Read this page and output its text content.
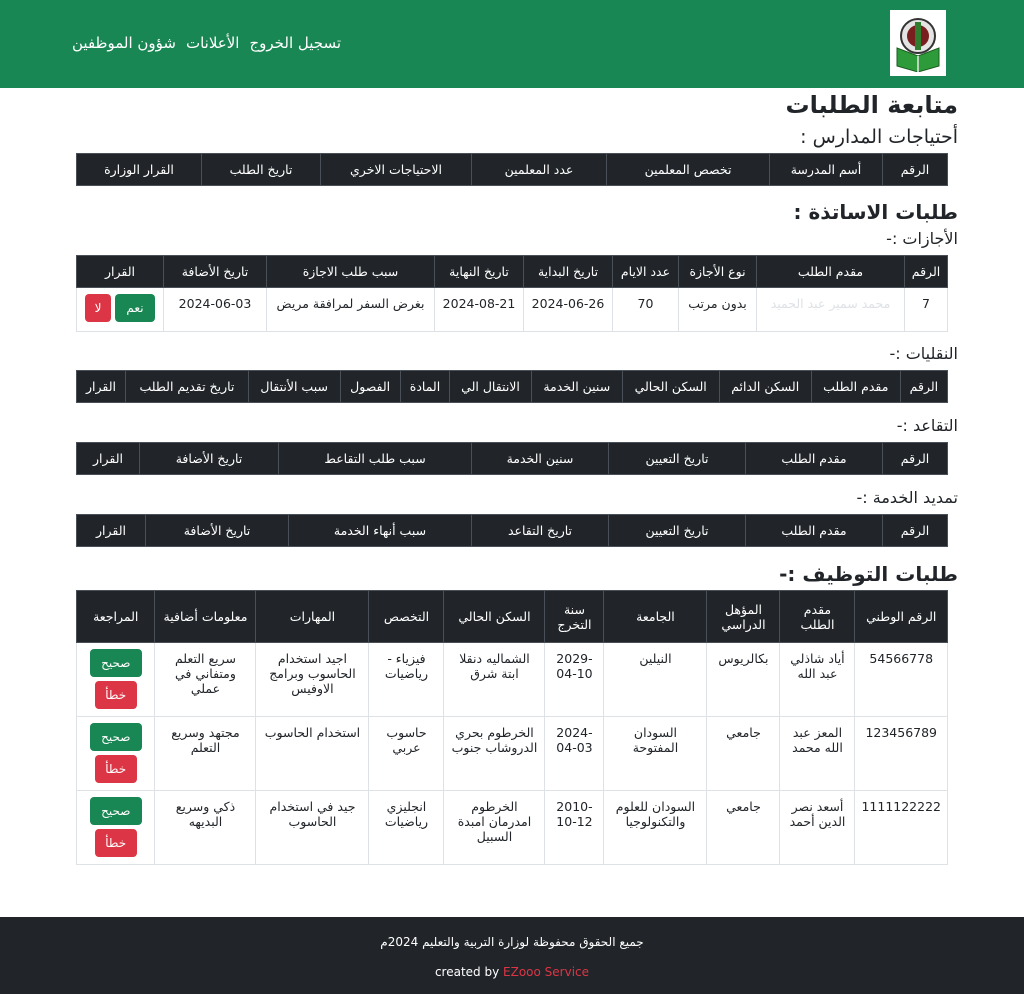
شؤون الموظفين الأعلانات تسجيل الخروج
متابعة الطلبات
أحتياجات المدارس :
الرقم	أسم المدرسة	تخصص المعلمين	عدد المعلمين	الاحتياجات الاخري	تاريخ الطلب	القرار الوزارة
طلبات الاساتذة :
الأجازات :-
الرقم	مقدم الطلب	نوع الأجازة	عدد الايام	تاريخ البداية	تاريخ النهاية	سبب طلب الاجازة	تاريخ الأضافة	القرار
7	محمد سمير عبد الحميد	بدون مرتب	70	2024-06-26	2024-08-21	بغرض السفر لمرافقة مريض	2024-06-03	نعم لا
النقليات :-
الرقم	مقدم الطلب	السكن الدائم	السكن الحالي	سنين الخدمة	الانتقال الي	المادة	الفصول	سبب الأنتقال	تاريخ تقديم الطلب	القرار
التقاعد :-
الرقم	مقدم الطلب	تاريخ التعيين	سنين الخدمة	سبب طلب التقاعط	تاريخ الأضافة	القرار
تمديد الخدمة :-
الرقم	مقدم الطلب	تاريخ التعيين	تاريخ التقاعد	سبب أنهاء الخدمة	تاريخ الأضافة	القرار
طلبات التوظيف :-
الرقم الوطني	مقدم الطلب	المؤهل الدراسي	الجامعة	سنة التخرج	السكن الحالي	التخصص	المهارات	معلومات أضافية	المراجعة
54566778	أياد شاذلي عبد الله	بكالريوس	النيلين	2029-04-10	الشماليه دنقلا ابتة شرق	فيزياء - رياضيات	اجيد استخدام الحاسوب وبرامج الاوفيس	سريع التعلم ومتفاني في عملي	صحيح خطأ
123456789	المعز عبد الله محمد	جامعي	السودان المفتوحة	2024-04-03	الخرطوم بحري الدروشاب جنوب	حاسوب عربي	استخدام الحاسوب	مجتهد وسريع التعلم	صحيح خطأ
1111122222	أسعد نصر الدين أحمد	جامعي	السودان للعلوم والتكنولوجيا	2010-10-12	الخرطوم امدرمان امبدة السبيل	انجليزي رياضيات	جيد في استخدام الحاسوب	ذكي وسريع البديهه	صحيح خطأ
جميع الحقوق محفوظة لوزارة التربية والتعليم 2024م
created by EZooo Service
